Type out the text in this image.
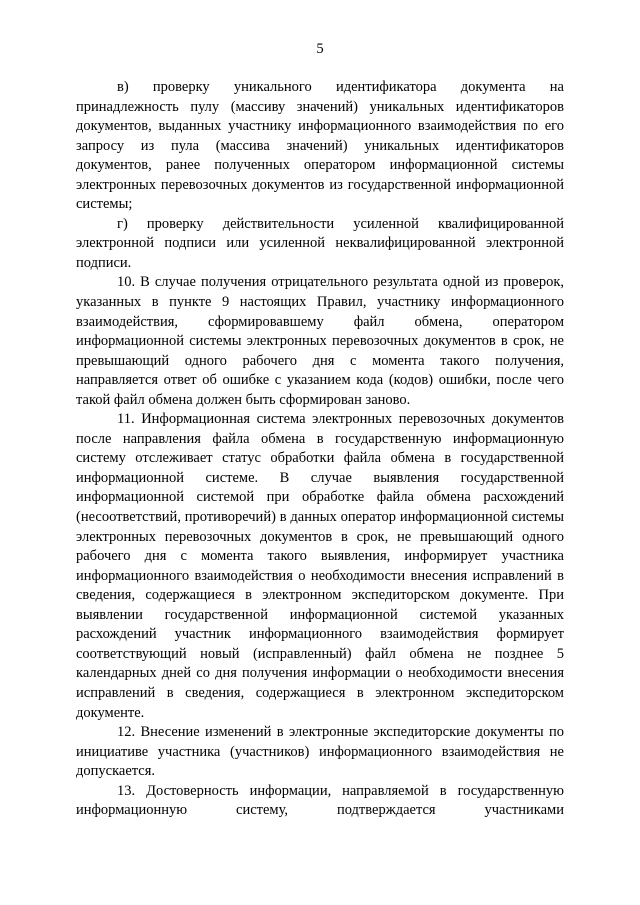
5

в) проверку уникального идентификатора документа на принадлежность пулу (массиву значений) уникальных идентификаторов документов, выданных участнику информационного взаимодействия по его запросу из пула (массива значений) уникальных идентификаторов документов, ранее полученных оператором информационной системы электронных перевозочных документов из государственной информационной системы;

г) проверку действительности усиленной квалифицированной электронной подписи или усиленной неквалифицированной электронной подписи.

10. В случае получения отрицательного результата одной из проверок, указанных в пункте 9 настоящих Правил, участнику информационного взаимодействия, сформировавшему файл обмена, оператором информационной системы электронных перевозочных документов в срок, не превышающий одного рабочего дня с момента такого получения, направляется ответ об ошибке с указанием кода (кодов) ошибки, после чего такой файл обмена должен быть сформирован заново.

11. Информационная система электронных перевозочных документов после направления файла обмена в государственную информационную систему отслеживает статус обработки файла обмена в государственной информационной системе. В случае выявления государственной информационной системой при обработке файла обмена расхождений (несоответствий, противоречий) в данных оператор информационной системы электронных перевозочных документов в срок, не превышающий одного рабочего дня с момента такого выявления, информирует участника информационного взаимодействия о необходимости внесения исправлений в сведения, содержащиеся в электронном экспедиторском документе. При выявлении государственной информационной системой указанных расхождений участник информационного взаимодействия формирует соответствующий новый (исправленный) файл обмена не позднее 5 календарных дней со дня получения информации о необходимости внесения исправлений в сведения, содержащиеся в электронном экспедиторском документе.

12. Внесение изменений в электронные экспедиторские документы по инициативе участника (участников) информационного взаимодействия не допускается.

13. Достоверность информации, направляемой в государственную информационную систему, подтверждается участниками
